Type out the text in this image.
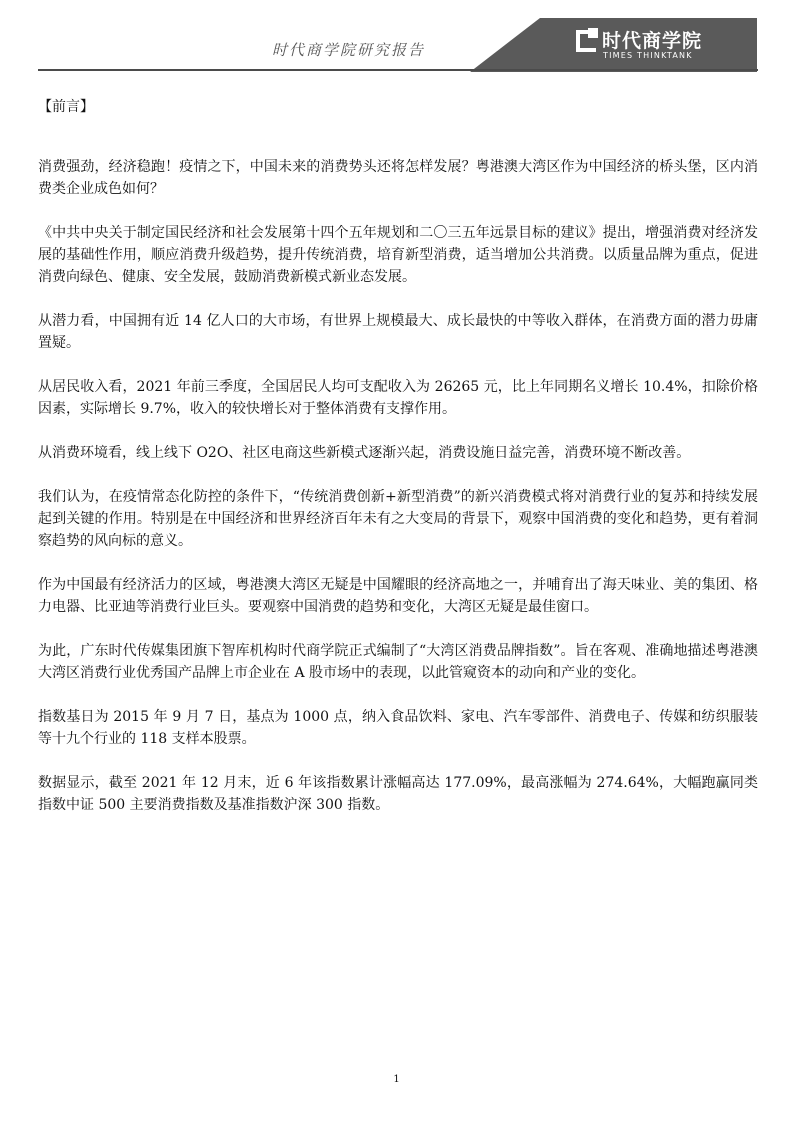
时代商学院研究报告	时代商学院
TIMES THINKTANK
【前言】

消费强劲，经济稳跑！疫情之下，中国未来的消费势头还将怎样发展？粤港澳大湾区作为中国经济的桥头堡，区内消费类企业成色如何？

《中共中央关于制定国民经济和社会发展第十四个五年规划和二〇三五年远景目标的建议》提出，增强消费对经济发展的基础性作用，顺应消费升级趋势，提升传统消费，培育新型消费，适当增加公共消费。以质量品牌为重点，促进消费向绿色、健康、安全发展，鼓励消费新模式新业态发展。

从潜力看，中国拥有近 14 亿人口的大市场，有世界上规模最大、成长最快的中等收入群体，在消费方面的潜力毋庸置疑。

从居民收入看，2021 年前三季度，全国居民人均可支配收入为 26265 元，比上年同期名义增长 10.4%，扣除价格因素，实际增长 9.7%，收入的较快增长对于整体消费有支撑作用。

从消费环境看，线上线下 O2O、社区电商这些新模式逐渐兴起，消费设施日益完善，消费环境不断改善。

我们认为，在疫情常态化防控的条件下，“传统消费创新+新型消费”的新兴消费模式将对消费行业的复苏和持续发展起到关键的作用。特别是在中国经济和世界经济百年未有之大变局的背景下，观察中国消费的变化和趋势，更有着洞察趋势的风向标的意义。

作为中国最有经济活力的区域，粤港澳大湾区无疑是中国耀眼的经济高地之一，并哺育出了海天味业、美的集团、格力电器、比亚迪等消费行业巨头。要观察中国消费的趋势和变化，大湾区无疑是最佳窗口。

为此，广东时代传媒集团旗下智库机构时代商学院正式编制了“大湾区消费品牌指数”。旨在客观、准确地描述粤港澳大湾区消费行业优秀国产品牌上市企业在 A 股市场中的表现，以此管窥资本的动向和产业的变化。

指数基日为 2015 年 9 月 7 日，基点为 1000 点，纳入食品饮料、家电、汽车零部件、消费电子、传媒和纺织服装等十九个行业的 118 支样本股票。

数据显示，截至 2021 年 12 月末，近 6 年该指数累计涨幅高达 177.09%，最高涨幅为 274.64%，大幅跑赢同类指数中证 500 主要消费指数及基准指数沪深 300 指数。

1
